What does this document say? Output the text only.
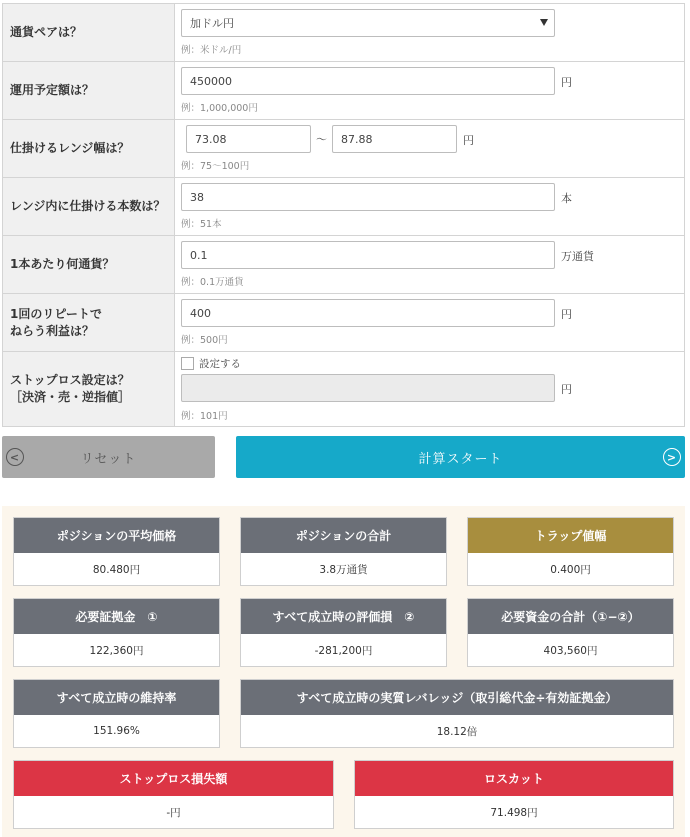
通貨ペアは？
加ドル円
例：米ドル/円
運用予定額は？
450000	円
例：1,000,000円
仕掛けるレンジ幅は？
73.08	〜	87.88	円
例：75〜100円
レンジ内に仕掛ける本数は？
38	本
例：51本
1本あたり何通貨？
0.1	万通貨
例：0.1万通貨
1回のリピートで
ねらう利益は？
400	円
例：500円
ストップロス設定は？
［決済・売・逆指値］
設定する
円
例：101円
<	リセット	計算スタート	>
ポジションの平均価格
80.480円
ポジションの合計
3.8万通貨
トラップ値幅
0.400円
必要証拠金　①
122,360円
すべて成立時の評価損　②
-281,200円
必要資金の合計（①−②）
403,560円
すべて成立時の維持率
151.96%
すべて成立時の実質レバレッジ（取引総代金÷有効証拠金）
18.12倍
ストップロス損失額
-円
ロスカット
71.498円
